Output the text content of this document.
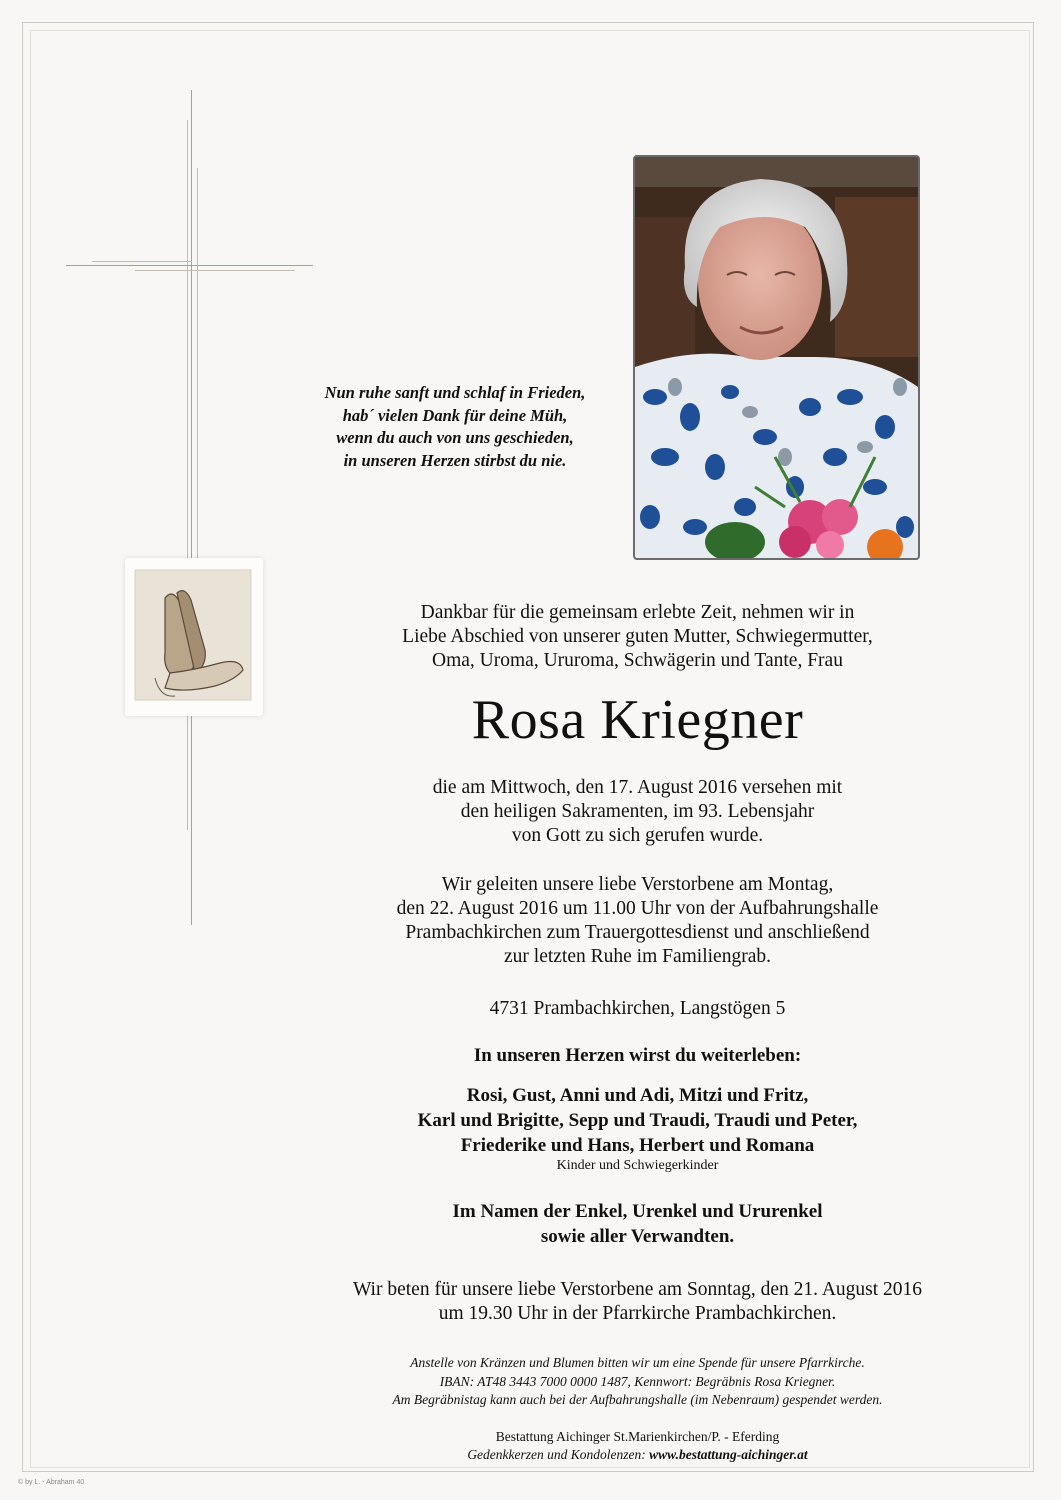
Nun ruhe sanft und schlaf in Frieden,
hab´ vielen Dank für deine Müh,
wenn du auch von uns geschieden,
in unseren Herzen stirbst du nie.
Dankbar für die gemeinsam erlebte Zeit, nehmen wir in
Liebe Abschied von unserer guten Mutter, Schwiegermutter,
Oma, Uroma, Ururoma, Schwägerin und Tante, Frau
Rosa Kriegner
die am Mittwoch, den 17. August 2016 versehen mit
den heiligen Sakramenten, im 93. Lebensjahr
von Gott zu sich gerufen wurde.
Wir geleiten unsere liebe Verstorbene am Montag,
den 22. August 2016 um 11.00 Uhr von der Aufbahrungshalle
Prambachkirchen zum Trauergottesdienst und anschließend
zur letzten Ruhe im Familiengrab.
4731 Prambachkirchen, Langstögen 5
In unseren Herzen wirst du weiterleben:
Rosi, Gust, Anni und Adi, Mitzi und Fritz,
Karl und Brigitte, Sepp und Traudi, Traudi und Peter,
Friederike und Hans, Herbert und Romana
Kinder und Schwiegerkinder
Im Namen der Enkel, Urenkel und Ururenkel
sowie aller Verwandten.
Wir beten für unsere liebe Verstorbene am Sonntag, den 21. August 2016
um 19.30 Uhr in der Pfarrkirche Prambachkirchen.
Anstelle von Kränzen und Blumen bitten wir um eine Spende für unsere Pfarrkirche.
IBAN: AT48 3443 7000 0000 1487, Kennwort: Begräbnis Rosa Kriegner.
Am Begräbnistag kann auch bei der Aufbahrungshalle (im Nebenraum) gespendet werden.
Bestattung Aichinger St.Marienkirchen/P. - Eferding
Gedenkkerzen und Kondolenzen: www.bestattung-aichinger.at
© by L. - Abraham 40
